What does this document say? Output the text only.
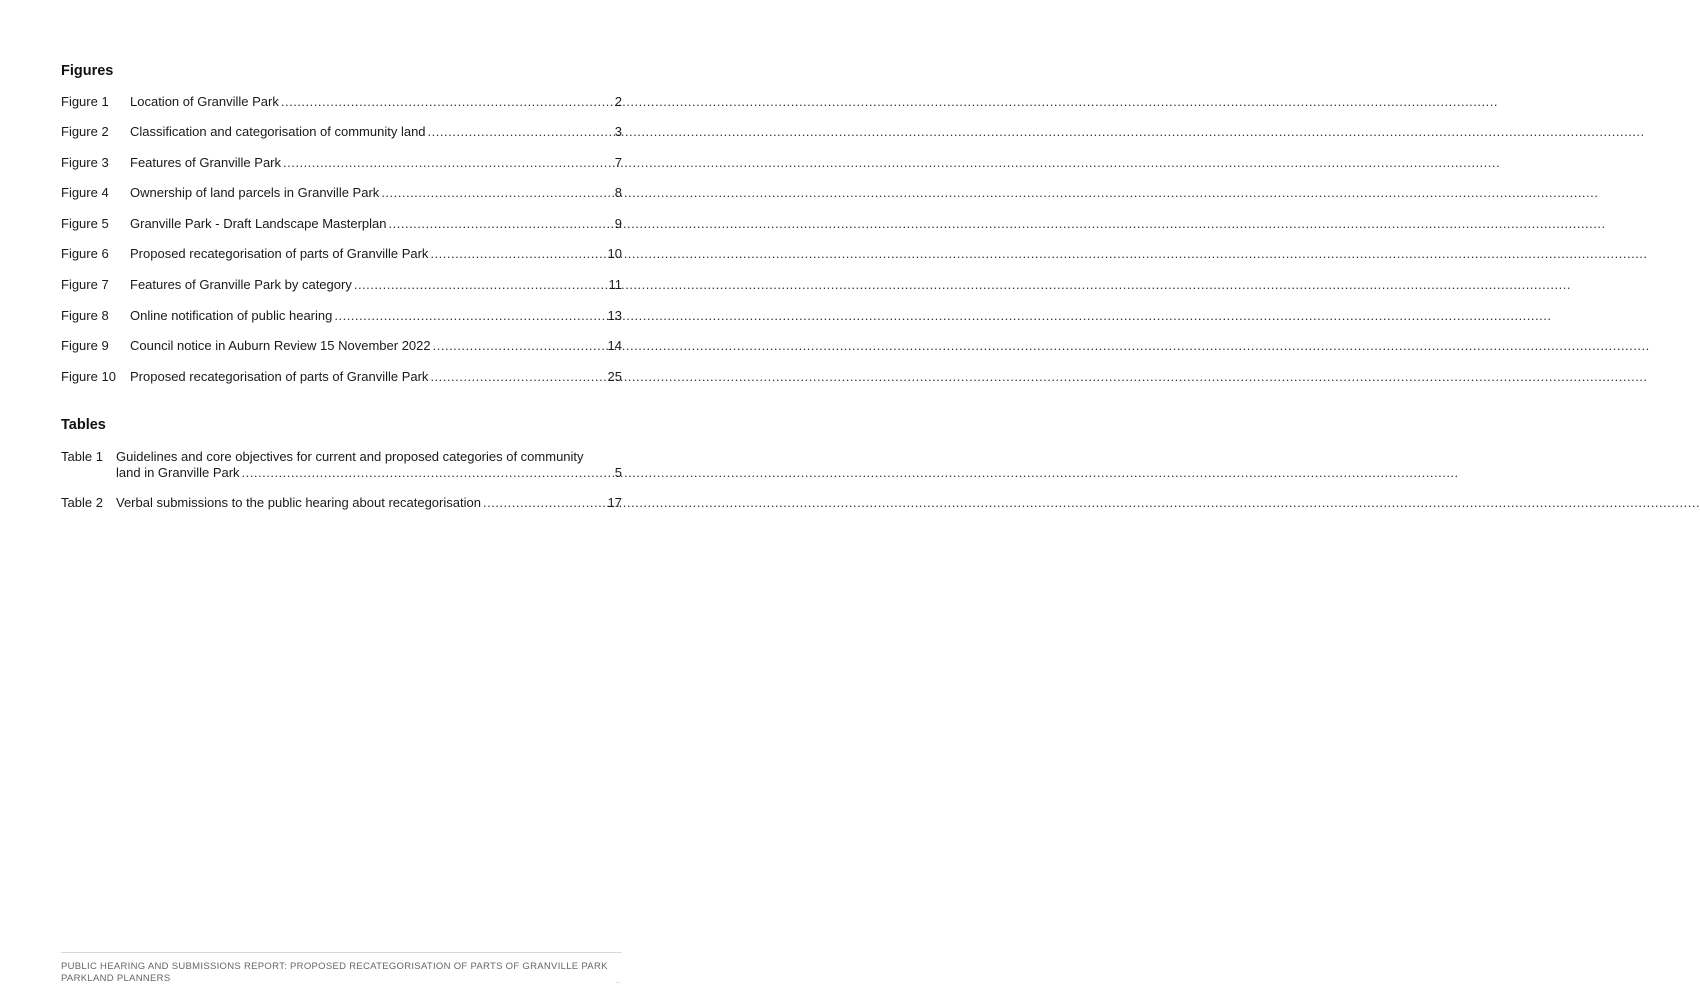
Figures
Figure 1	Location of Granville Park .....	2
Figure 2	Classification and categorisation of community land .....	3
Figure 3	Features of Granville Park .....	7
Figure 4	Ownership of land parcels in Granville Park .....	8
Figure 5	Granville Park - Draft Landscape Masterplan .....	9
Figure 6	Proposed recategorisation of parts of Granville Park .....	10
Figure 7	Features of Granville Park by category .....	11
Figure 8	Online notification of public hearing .....	13
Figure 9	Council notice in Auburn Review 15 November 2022 .....	14
Figure 10	Proposed recategorisation of parts of Granville Park .....	25
Tables
Table 1	Guidelines and core objectives for current and proposed categories of community
land in Granville Park .....	5
Table 2	Verbal submissions to the public hearing about recategorisation .....	17
PUBLIC HEARING AND SUBMISSIONS REPORT: PROPOSED RECATEGORISATION OF PARTS OF GRANVILLE PARK
PARKLAND PLANNERS	..
